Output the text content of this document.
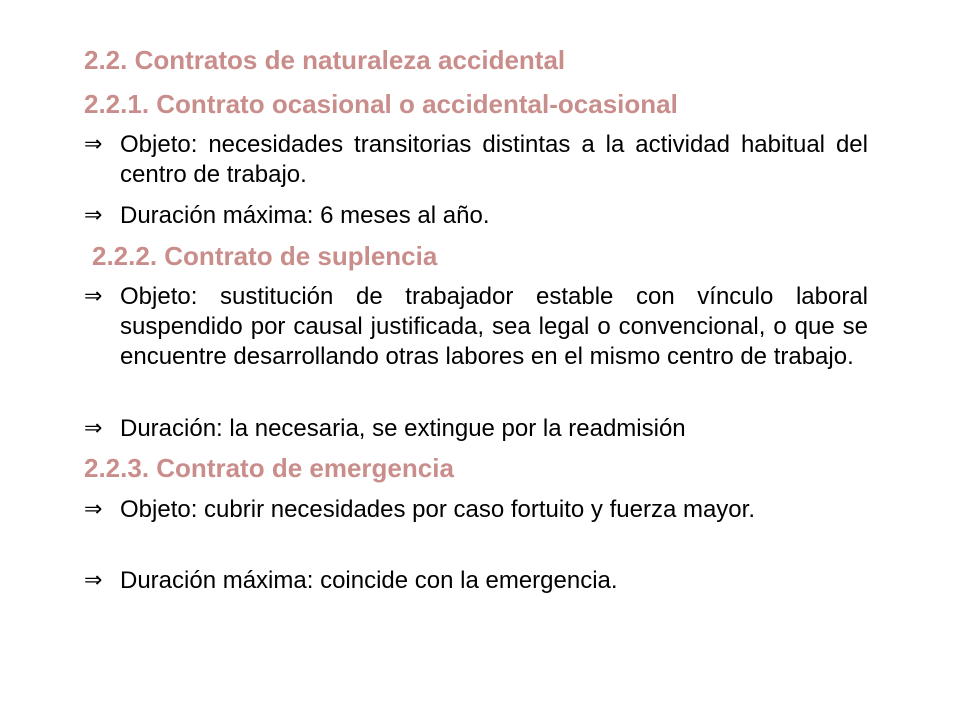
2.2. Contratos de naturaleza accidental
2.2.1. Contrato ocasional o accidental-ocasional
⇒ Objeto: necesidades transitorias distintas a la actividad habitual del centro de trabajo.
⇒ Duración máxima: 6 meses al año.
2.2.2. Contrato de suplencia
⇒ Objeto: sustitución de trabajador estable con vínculo laboral suspendido por causal justificada, sea legal o convencional, o que se encuentre desarrollando otras labores en el mismo centro de trabajo.
⇒ Duración: la necesaria, se extingue por la readmisión
2.2.3. Contrato de emergencia
⇒ Objeto: cubrir necesidades por caso fortuito y fuerza mayor.
⇒ Duración máxima: coincide con la emergencia.
